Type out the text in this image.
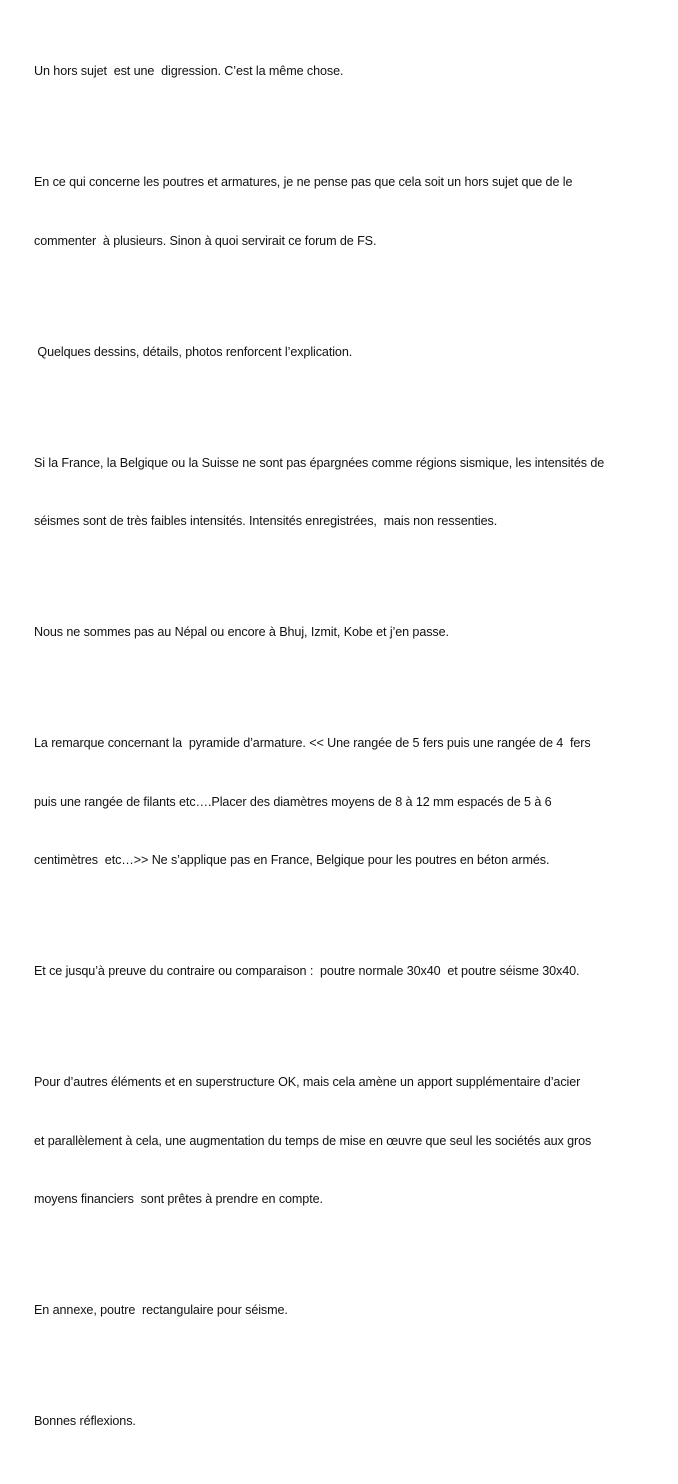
Un hors sujet  est une  digression. C’est la même chose.

En ce qui concerne les poutres et armatures, je ne pense pas que cela soit un hors sujet que de le

commenter  à plusieurs. Sinon à quoi servirait ce forum de FS.

Quelques dessins, détails, photos renforcent l’explication.

Si la France, la Belgique ou la Suisse ne sont pas épargnées comme régions sismique, les intensités de

séismes sont de très faibles intensités. Intensités enregistrées,  mais non ressenties.

Nous ne sommes pas au Népal ou encore à Bhuj, Izmit, Kobe et j’en passe.

La remarque concernant la  pyramide d’armature. << Une rangée de 5 fers puis une rangée de 4  fers

puis une rangée de filants etc….Placer des diamètres moyens de 8 à 12 mm espacés de 5 à 6

centimètres  etc…>> Ne s’applique pas en France, Belgique pour les poutres en béton armés.

Et ce jusqu’à preuve du contraire ou comparaison :  poutre normale 30x40  et poutre séisme 30x40.

Pour d’autres éléments et en superstructure OK, mais cela amène un apport supplémentaire d’acier

et parallèlement à cela, une augmentation du temps de mise en œuvre que seul les sociétés aux gros

moyens financiers  sont prêtes à prendre en compte.

En annexe, poutre  rectangulaire pour séisme.

Bonnes réflexions.
